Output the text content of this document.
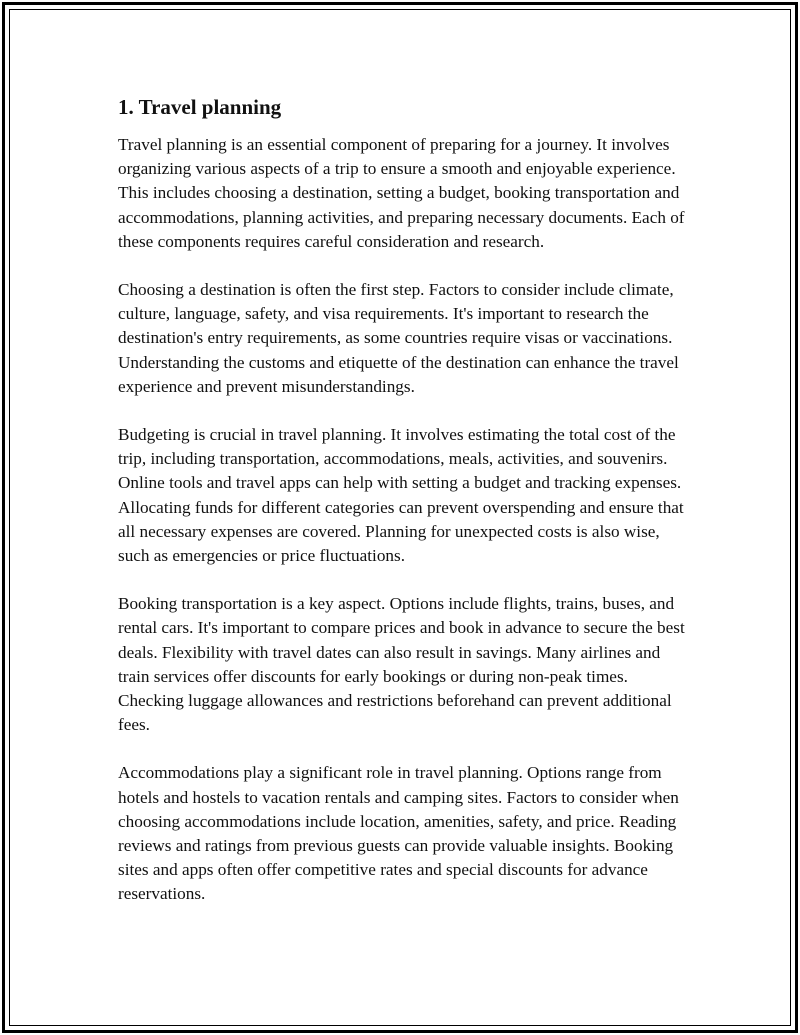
1. Travel planning

Travel planning is an essential component of preparing for a journey. It involves organizing various aspects of a trip to ensure a smooth and enjoyable experience. This includes choosing a destination, setting a budget, booking transportation and accommodations, planning activities, and preparing necessary documents. Each of these components requires careful consideration and research.

Choosing a destination is often the first step. Factors to consider include climate, culture, language, safety, and visa requirements. It's important to research the destination's entry requirements, as some countries require visas or vaccinations. Understanding the customs and etiquette of the destination can enhance the travel experience and prevent misunderstandings.

Budgeting is crucial in travel planning. It involves estimating the total cost of the trip, including transportation, accommodations, meals, activities, and souvenirs. Online tools and travel apps can help with setting a budget and tracking expenses. Allocating funds for different categories can prevent overspending and ensure that all necessary expenses are covered. Planning for unexpected costs is also wise, such as emergencies or price fluctuations.

Booking transportation is a key aspect. Options include flights, trains, buses, and rental cars. It's important to compare prices and book in advance to secure the best deals. Flexibility with travel dates can also result in savings. Many airlines and train services offer discounts for early bookings or during non-peak times. Checking luggage allowances and restrictions beforehand can prevent additional fees.

Accommodations play a significant role in travel planning. Options range from hotels and hostels to vacation rentals and camping sites. Factors to consider when choosing accommodations include location, amenities, safety, and price. Reading reviews and ratings from previous guests can provide valuable insights. Booking sites and apps often offer competitive rates and special discounts for advance reservations.
